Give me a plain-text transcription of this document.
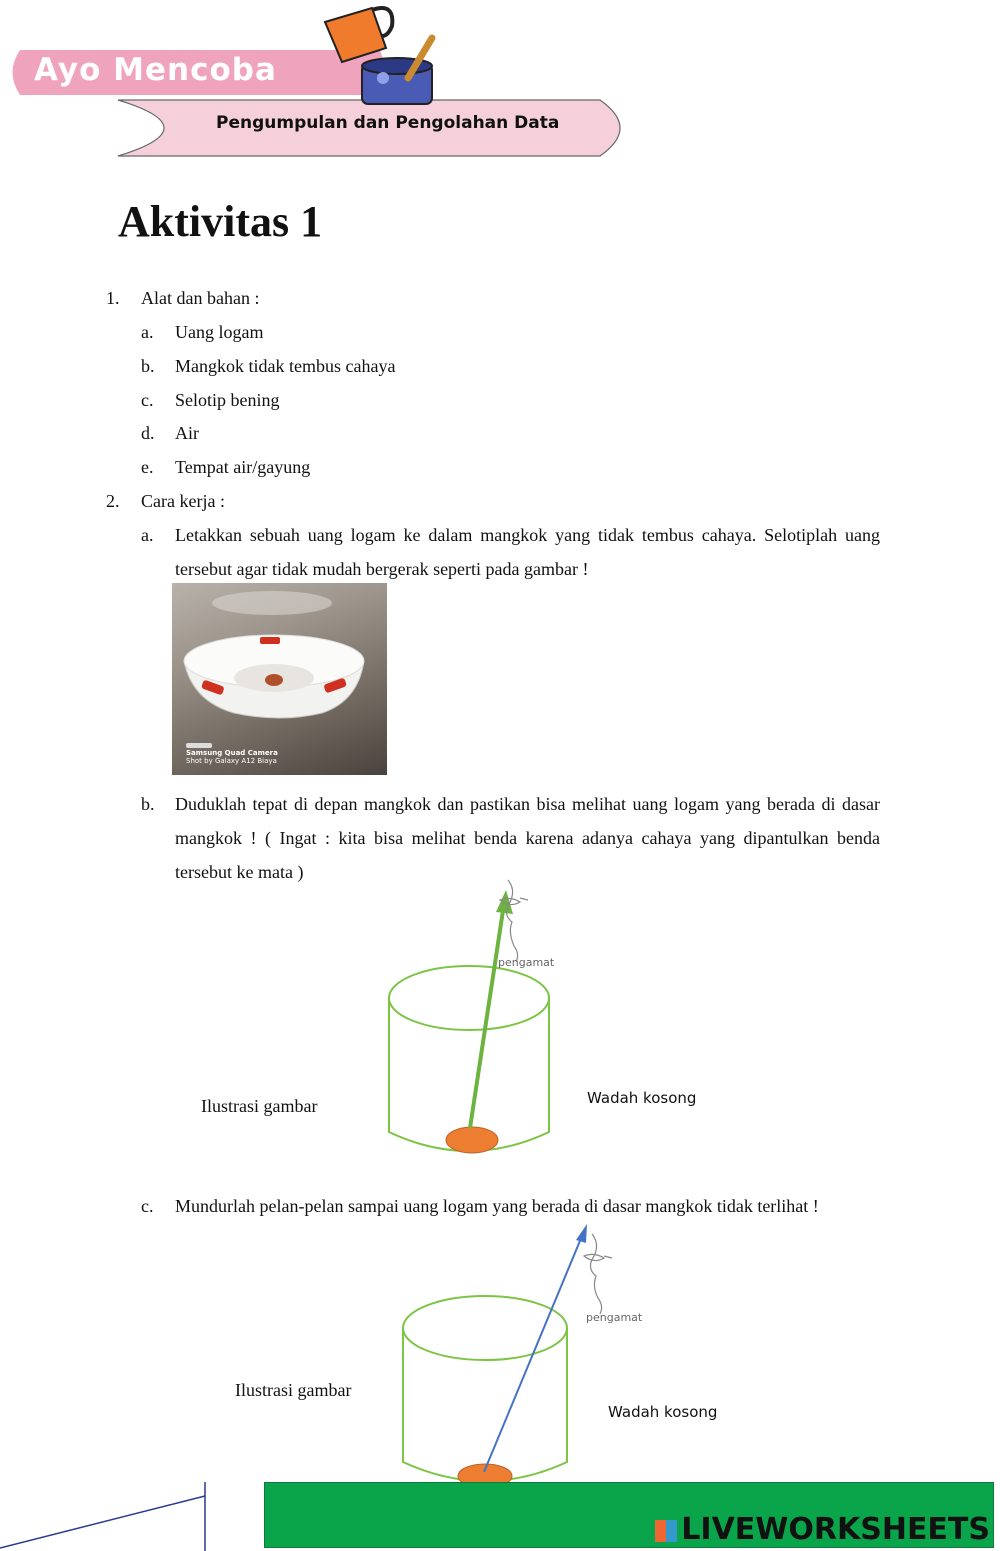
Ayo Mencoba
Pengumpulan dan Pengolahan Data
Aktivitas 1
1. Alat dan bahan :
a. Uang logam
b. Mangkok tidak tembus cahaya
c. Selotip bening
d. Air
e. Tempat air/gayung
2. Cara kerja :
a. Letakkan sebuah uang logam ke dalam mangkok yang tidak tembus cahaya. Selotiplah uang tersebut agar tidak mudah bergerak seperti pada gambar !
Samsung Quad Camera
Shot by Galaxy A12 Biaya
b. Duduklah tepat di depan mangkok dan pastikan bisa melihat uang logam yang berada di dasar mangkok ! ( Ingat : kita bisa melihat benda karena adanya cahaya yang dipantulkan benda tersebut ke mata )
pengamat
Ilustrasi gambar	Wadah kosong
c. Mundurlah pelan-pelan sampai uang logam yang berada di dasar mangkok tidak terlihat !
pengamat
Ilustrasi gambar
Wadah kosong
LIVEWORKSHEETS
